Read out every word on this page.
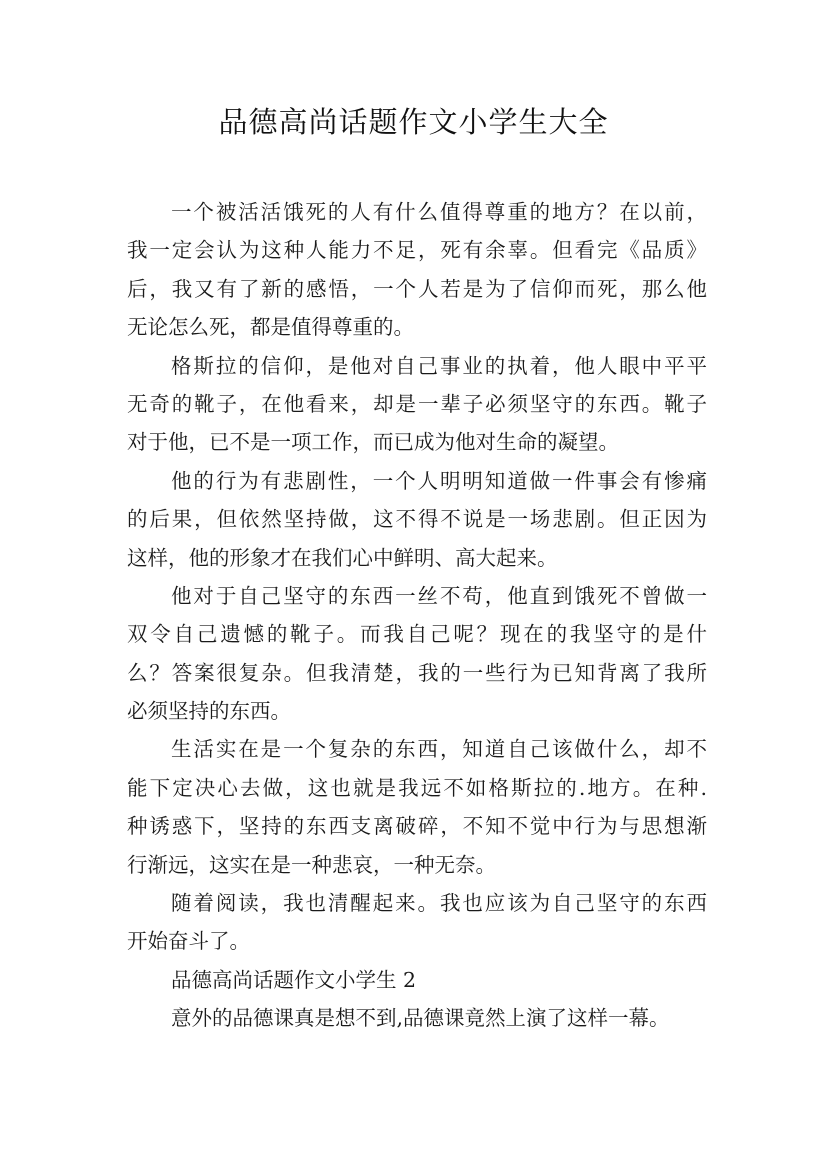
品德高尚话题作文小学生大全
一个被活活饿死的人有什么值得尊重的地方？在以前，
我一定会认为这种人能力不足，死有余辜。但看完《品质》
后，我又有了新的感悟，一个人若是为了信仰而死，那么他
无论怎么死，都是值得尊重的。
格斯拉的信仰，是他对自己事业的执着，他人眼中平平
无奇的靴子，在他看来，却是一辈子必须坚守的东西。靴子
对于他，已不是一项工作，而已成为他对生命的凝望。
他的行为有悲剧性，一个人明明知道做一件事会有惨痛
的后果，但依然坚持做，这不得不说是一场悲剧。但正因为
这样，他的形象才在我们心中鲜明、高大起来。
他对于自己坚守的东西一丝不苟，他直到饿死不曾做一
双令自己遗憾的靴子。而我自己呢？现在的我坚守的是什
么？答案很复杂。但我清楚，我的一些行为已知背离了我所
必须坚持的东西。
生活实在是一个复杂的东西，知道自己该做什么，却不
能下定决心去做，这也就是我远不如格斯拉的.地方。在种.
种诱惑下，坚持的东西支离破碎，不知不觉中行为与思想渐
行渐远，这实在是一种悲哀，一种无奈。
随着阅读，我也清醒起来。我也应该为自己坚守的东西
开始奋斗了。
品德高尚话题作文小学生 2
意外的品德课真是想不到,品德课竟然上演了这样一幕。
